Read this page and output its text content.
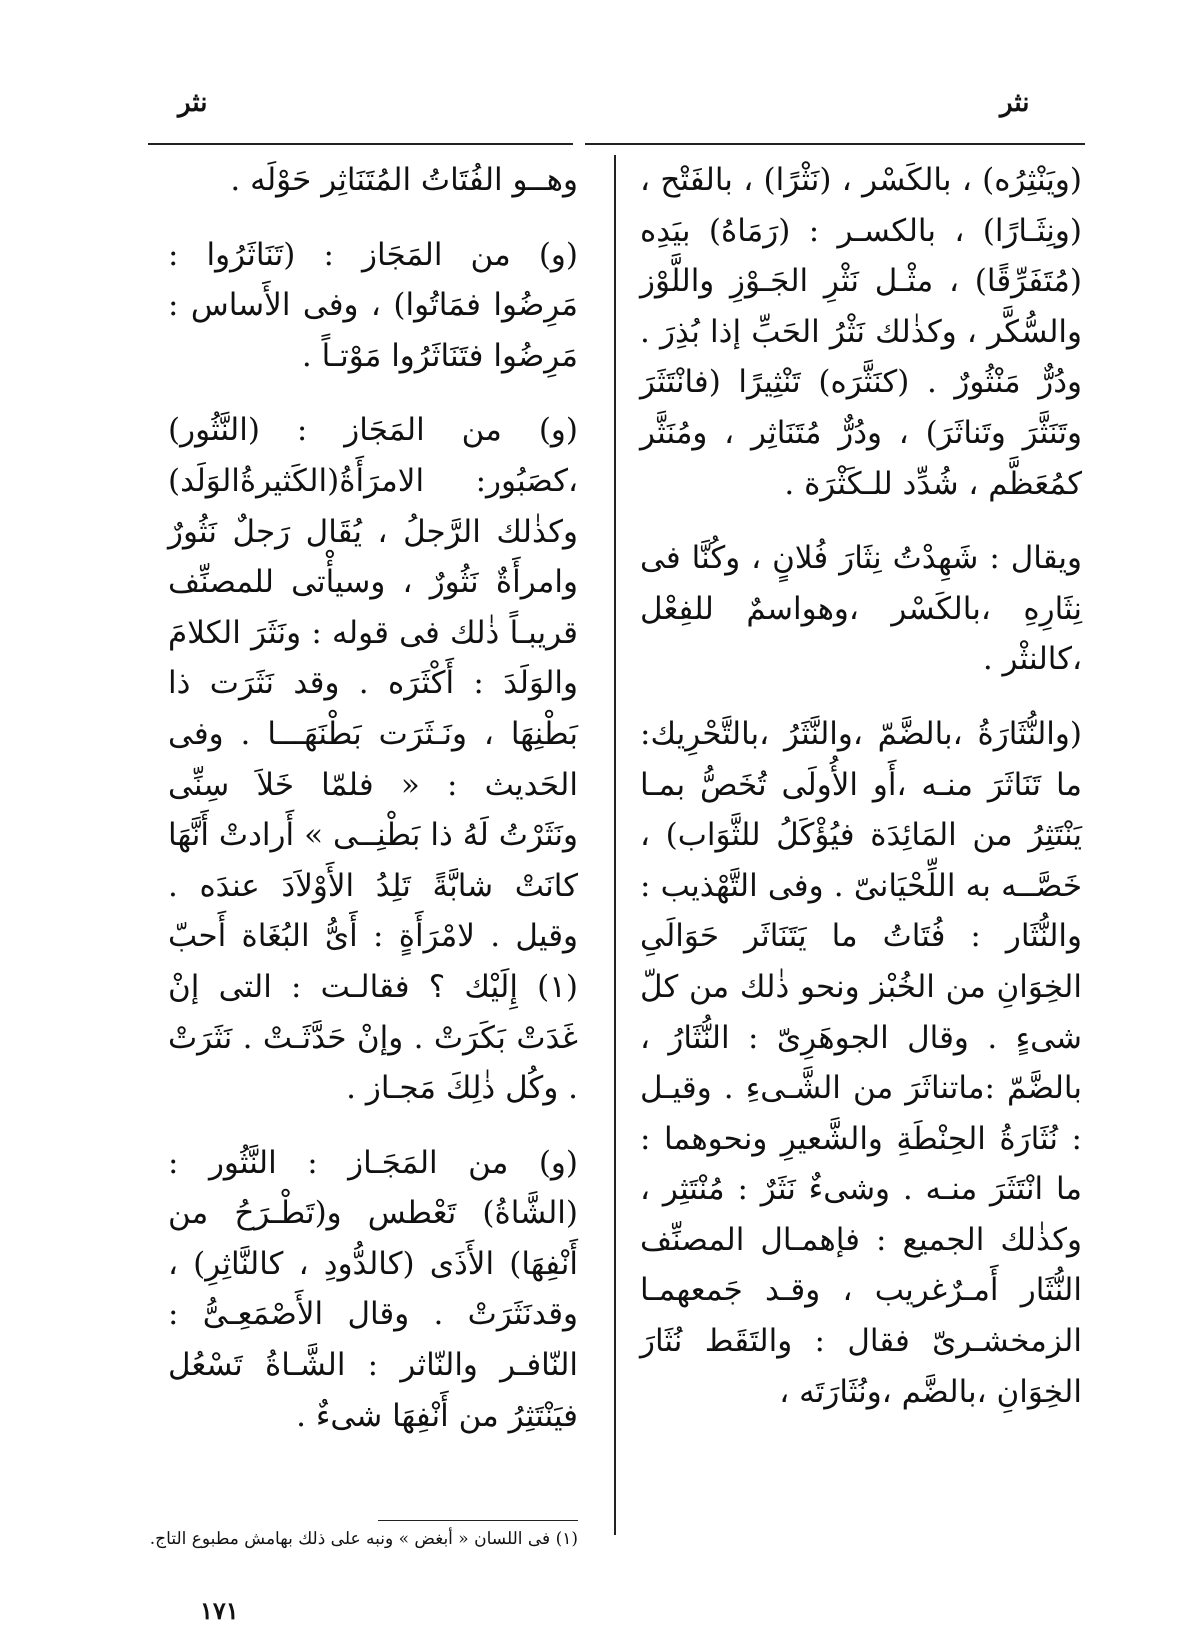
نثر	نثر

(ويَنْثِرُه) ، بالكَسْر ، (نَثْرًا) ، بالفَتْح ، (ونِثَـارًا) ، بالكسـر : (رَمَاهُ) بيَدِه (مُتَفَرِّقًا) ، مثْـل نَثْرِ الجَـوْزِ واللَّوْز والسُّكَّر ، وكذٰلك نَثْرُ الحَبِّ إذا بُذِرَ . ودُرٌّ مَنْثُورٌ . (كنَثَّرَه) تَنْثِيرًا (فانْتَثَرَ وتَنَثَّرَ وتَناثَرَ) ، ودُرٌّ مُتَنَاثِر ، ومُنَثَّر كمُعَظَّم ، شُدِّد للـكَثْرَة .

ويقال : شَهِدْتُ نِثَارَ فُلانٍ ، وكُنَّا فى نِثَارِهِ ،بالكَسْر ،وهواسمٌ للفِعْل ،كالنثْر .

(والنُّثَارَةُ ،بالضَّمّ ،والنَّثَرُ ،بالتَّحْرِيك: ما تَنَاثَرَ منـه ،أَو الأُولَى تُخَصُّ بمـا يَنْتَثِرُ من المَائِدَة فيُؤْكَلُ للثَّوَاب) ، خَصَّــه به اللِّحْيَانىّ . وفى التَّهْذيب : والنُّثَار : فُتَاتُ ما يَتَنَاثَر حَوَالَىِ الخِوَانِ من الخُبْز ونحو ذٰلك من كلّ شىءٍ . وقال الجوهَرِىّ : النُّثَارُ ، بالضَّمّ :ماتناثَرَ من الشَّـىءِ . وقيـل : نُثَارَةُ الحِنْطَةِ والشَّعيرِ ونحوهما : ما انْتَثَرَ منـه . وشىءٌ نَثَرٌ : مُنْتَثِر ، وكذٰلك الجميع : فإهمـال المصنِّف النُّثَار أَمـرٌغريب ، وقـد جَمعهمـا الزمخشـرىّ فقال : والتَقَط نُثَارَ الخِوَانِ ،بالضَّم ،ونُثَارَتَه ،

وهــو الفُتَاتُ المُتَنَاثِر حَوْلَه .

(و) من المَجَاز : (تَنَاثَرُوا : مَرِضُوا فمَاتُوا) ، وفى الأَساس : مَرِضُوا فتَنَاثَرُوا مَوْتـاً .

(و) من المَجَاز : (النَّثُور) ،كصَبُور: الامرَأَةُ(الكَثيرةُالوَلَد) وكذٰلك الرَّجلُ ، يُقَال رَجلٌ نَثُورٌ وامرأَةٌ نَثُورٌ ، وسيأْتى للمصنِّف قريبـاً ذٰلك فى قوله : ونَثَرَ الكلامَ والوَلَدَ : أَكْثَرَه . وقد نَثَرَت ذا بَطْنِهَا ، ونَـثَرَت بَطْنَهَـــا . وفى الحَديث : « فلمّا خَلاَ سِنِّى ونَثَرْتُ لَهُ ذا بَطْنِــى » أَرادتْ أَنَّهَا كانَتْ شابَّةً تَلِدُ الأَوْلاَدَ عندَه . وقيل . لامْرَأَةٍ : أَىُّ البُغَاة أَحبّ (١) إِلَيْك ؟ فقالـت : التى إنْ غَدَتْ بَكَرَتْ . وإنْ حَدَّثَـتْ . نَثَرَتْ . وكُل ذٰلِكَ مَجـاز .

(و) من المَجَـاز : النَّثُور : (الشَّاةُ) تَعْطس و(تَطْـرَحُ من أَنْفِهَا) الأَذَى (كالدُّودِ ، كالنَّاثِرِ) ، وقدنَثَرَتْ . وقال الأَصْمَعِـىُّ : النّافـر والنّاثر : الشَّـاةُ تَسْعُل فيَنْتَثِرُ من أَنْفِهَا شىءٌ .

(١) فى اللسان « أبغض » ونبه على ذلك بهامش مطبوع التاج.
١٧١
